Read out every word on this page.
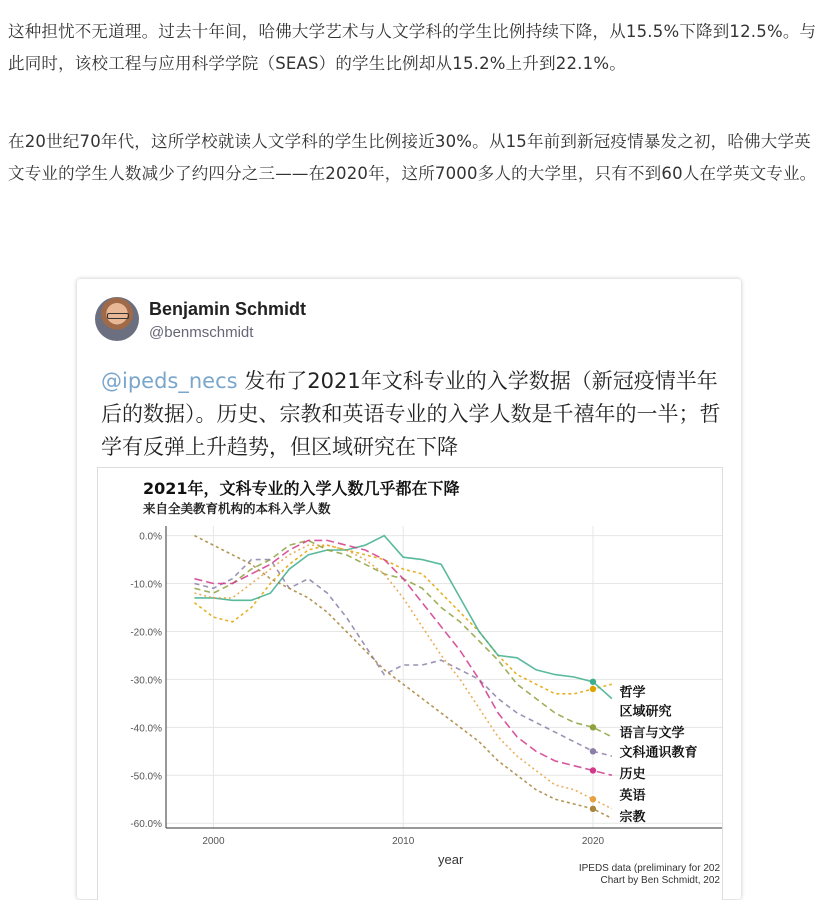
这种担忧不无道理。过去十年间，哈佛大学艺术与人文学科的学生比例持续下降，从15.5%下降到12.5%。与此同时，该校工程与应用科学学院（SEAS）的学生比例却从15.2%上升到22.1%。
在20世纪70年代，这所学校就读人文学科的学生比例接近30%。从15年前到新冠疫情暴发之初，哈佛大学英文专业的学生人数减少了约四分之三——在2020年，这所7000多人的大学里，只有不到60人在学英文专业。
Benjamin Schmidt
@benmschmidt
@ipeds_necs 发布了2021年文科专业的入学数据（新冠疫情半年后的数据）。历史、宗教和英语专业的入学人数是千禧年的一半；哲学有反弹上升趋势，但区域研究在下降
2021年，文科专业的入学人数几乎都在下降
来自全美教育机构的本科入学人数
0.0%
-10.0%
-20.0%
-30.0%
-40.0%
-50.0%
-60.0%
2000	2010	2020
year
哲学
区域研究
语言与文学
文科通识教育
历史
英语
宗教
IPEDS data (preliminary for 202
Chart by Ben Schmidt, 202
